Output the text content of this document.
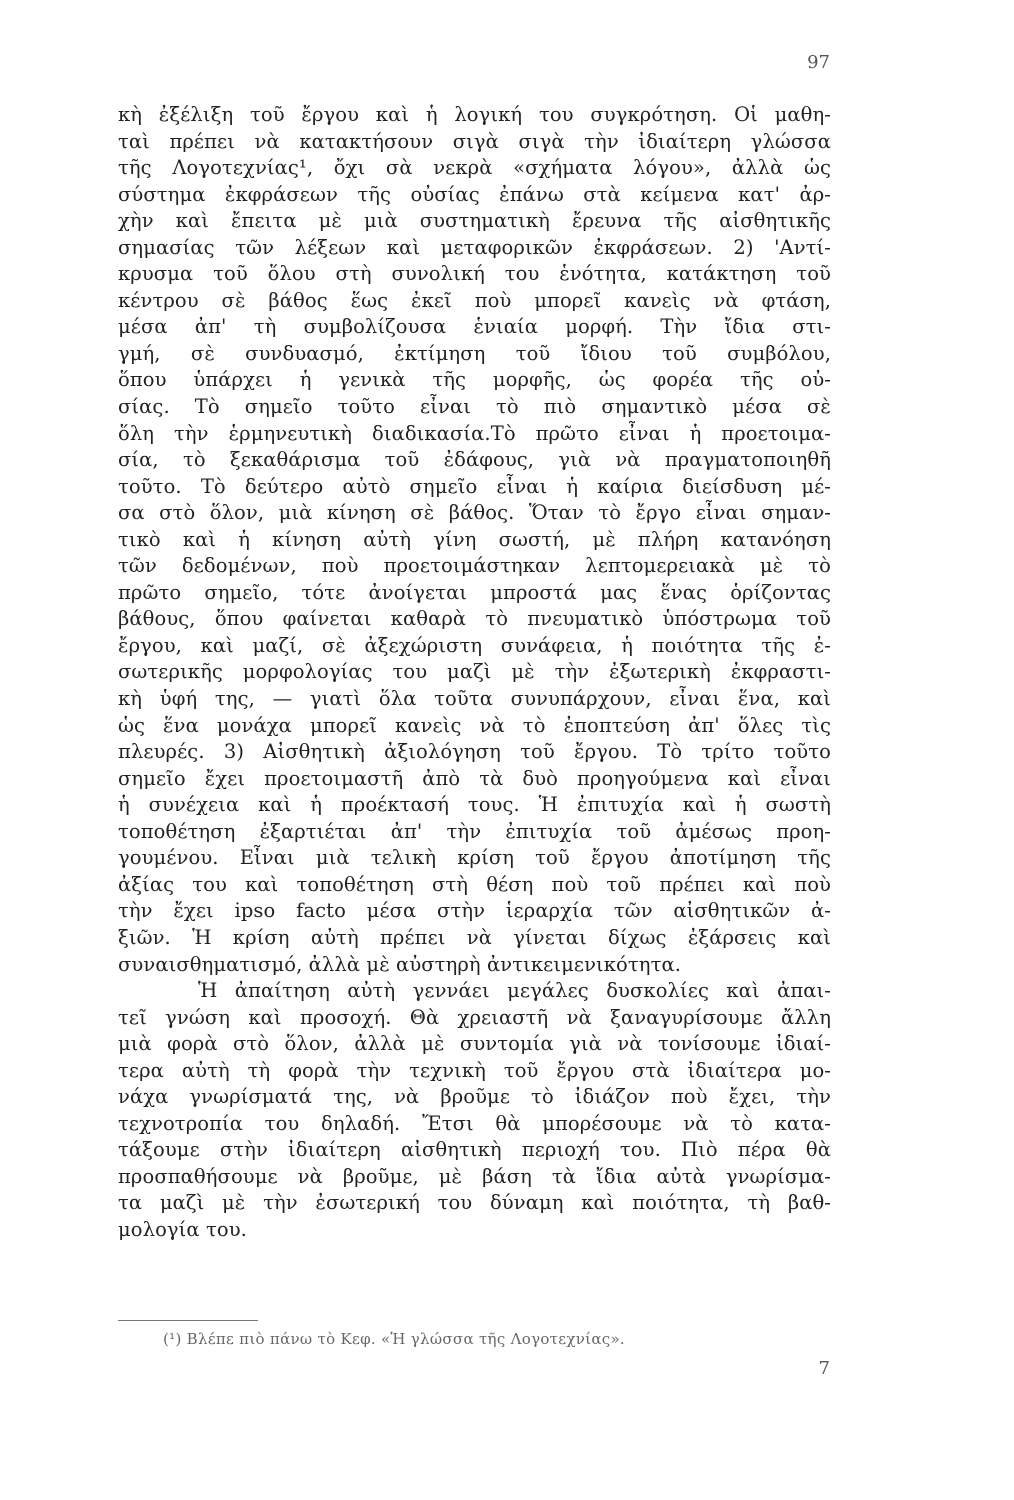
97
κὴ ἐξέλιξη τοῦ ἔργου καὶ ἡ λογική του συγκρότηση. Οἱ μαθη-
ταὶ πρέπει νὰ κατακτήσουν σιγὰ σιγὰ τὴν ἰδιαίτερη γλώσσα
τῆς Λογοτεχνίας¹, ὄχι σὰ νεκρὰ «σχήματα λόγου», ἀλλὰ ὡς
σύστημα ἐκφράσεων τῆς οὐσίας ἐπάνω στὰ κείμενα κατ' ἀρ-
χὴν καὶ ἔπειτα μὲ μιὰ συστηματικὴ ἔρευνα τῆς αἰσθητικῆς
σημασίας τῶν λέξεων καὶ μεταφορικῶν ἐκφράσεων. 2) 'Αντί-
κρυσμα τοῦ ὅλου στὴ συνολική του ἑνότητα, κατάκτηση τοῦ
κέντρου σὲ βάθος ἕως ἐκεῖ ποὺ μπορεῖ κανεὶς νὰ φτάση,
μέσα ἀπ' τὴ συμβολίζουσα ἑνιαία μορφή. Τὴν ἴδια στι-
γμή, σὲ συνδυασμό, ἐκτίμηση τοῦ ἴδιου τοῦ συμβόλου,
ὅπου ὑπάρχει ἡ γενικὰ τῆς μορφῆς, ὡς φορέα τῆς οὐ-
σίας. Τὸ σημεῖο τοῦτο εἶναι τὸ πιὸ σημαντικὸ μέσα σὲ
ὅλη τὴν ἑρμηνευτικὴ διαδικασία.Τὸ πρῶτο εἶναι ἡ προετοιμα-
σία, τὸ ξεκαθάρισμα τοῦ ἐδάφους, γιὰ νὰ πραγματοποιηθῆ
τοῦτο. Τὸ δεύτερο αὐτὸ σημεῖο εἶναι ἡ καίρια διείσδυση μέ-
σα στὸ ὅλον, μιὰ κίνηση σὲ βάθος. Ὅταν τὸ ἔργο εἶναι σημαν-
τικὸ καὶ ἡ κίνηση αὐτὴ γίνη σωστή, μὲ πλήρη κατανόηση
τῶν δεδομένων, ποὺ προετοιμάστηκαν λεπτομερειακὰ μὲ τὸ
πρῶτο σημεῖο, τότε ἀνοίγεται μπροστά μας ἕνας ὁρίζοντας
βάθους, ὅπου φαίνεται καθαρὰ τὸ πνευματικὸ ὑπόστρωμα τοῦ
ἔργου, καὶ μαζί, σὲ ἀξεχώριστη συνάφεια, ἡ ποιότητα τῆς ἐ-
σωτερικῆς μορφολογίας του μαζὶ μὲ τὴν ἐξωτερικὴ ἐκφραστι-
κὴ ὑφή της, — γιατὶ ὅλα τοῦτα συνυπάρχουν, εἶναι ἕνα, καὶ
ὡς ἕνα μονάχα μπορεῖ κανεὶς νὰ τὸ ἐποπτεύση ἀπ' ὅλες τὶς
πλευρές. 3) Αἰσθητικὴ ἀξιολόγηση τοῦ ἔργου. Τὸ τρίτο τοῦτο
σημεῖο ἔχει προετοιμαστῆ ἀπὸ τὰ δυὸ προηγούμενα καὶ εἶναι
ἡ συνέχεια καὶ ἡ προέκτασή τους. Ἡ ἐπιτυχία καὶ ἡ σωστὴ
τοποθέτηση ἐξαρτιέται ἀπ' τὴν ἐπιτυχία τοῦ ἀμέσως προη-
γουμένου. Εἶναι μιὰ τελικὴ κρίση τοῦ ἔργου ἀποτίμηση τῆς
ἀξίας του καὶ τοποθέτηση στὴ θέση ποὺ τοῦ πρέπει καὶ ποὺ
τὴν ἔχει ipso facto μέσα στὴν ἱεραρχία τῶν αἰσθητικῶν ἀ-
ξιῶν. Ἡ κρίση αὐτὴ πρέπει νὰ γίνεται δίχως ἐξάρσεις καὶ
συναισθηματισμό, ἀλλὰ μὲ αὐστηρὴ ἀντικειμενικότητα.
Ἡ ἀπαίτηση αὐτὴ γεννάει μεγάλες δυσκολίες καὶ ἀπαι-
τεῖ γνώση καὶ προσοχή. Θὰ χρειαστῆ νὰ ξαναγυρίσουμε ἄλλη
μιὰ φορὰ στὸ ὅλον, ἀλλὰ μὲ συντομία γιὰ νὰ τονίσουμε ἰδιαί-
τερα αὐτὴ τὴ φορὰ τὴν τεχνικὴ τοῦ ἔργου στὰ ἰδιαίτερα μο-
νάχα γνωρίσματά της, νὰ βροῦμε τὸ ἰδιάζον ποὺ ἔχει, τὴν
τεχνοτροπία του δηλαδή. Ἔτσι θὰ μπορέσουμε νὰ τὸ κατα-
τάξουμε στὴν ἰδιαίτερη αἰσθητικὴ περιοχή του. Πιὸ πέρα θὰ
προσπαθήσουμε νὰ βροῦμε, μὲ βάση τὰ ἴδια αὐτὰ γνωρίσμα-
τα μαζὶ μὲ τὴν ἐσωτερική του δύναμη καὶ ποιότητα, τὴ βαθ-
μολογία του.
(¹) Βλέπε πιὸ πάνω τὸ Κεφ. «Ἡ γλώσσα τῆς Λογοτεχνίας».
7
